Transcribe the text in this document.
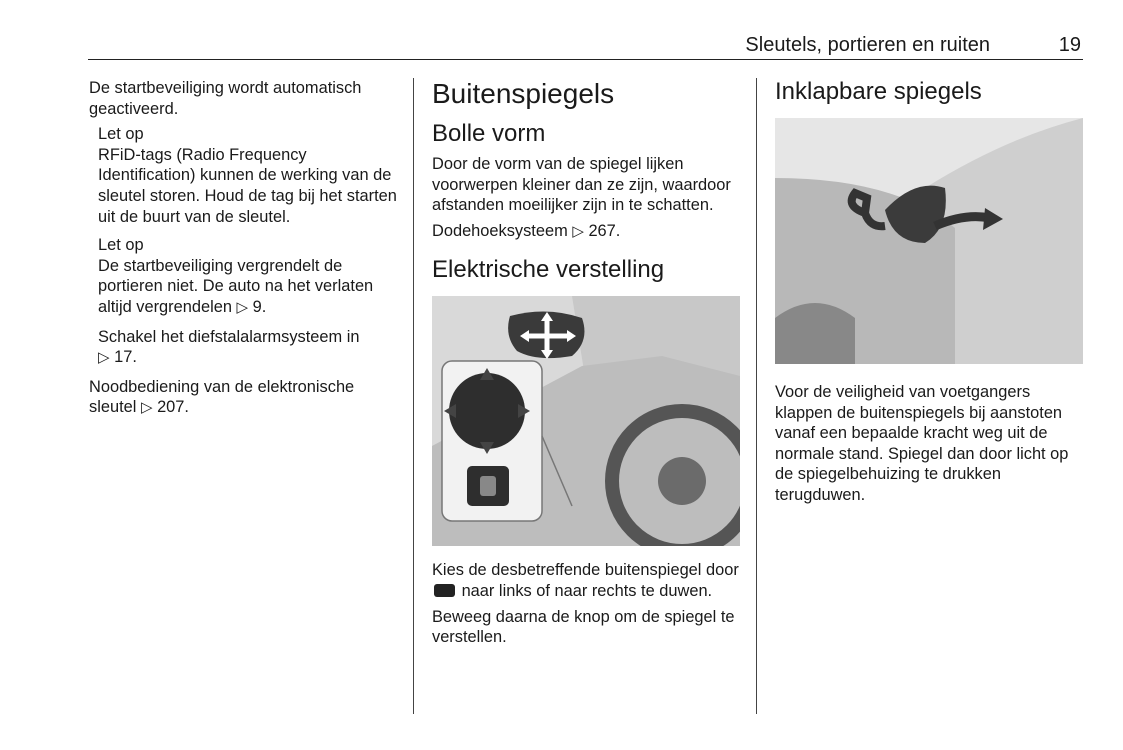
Sleutels, portieren en ruiten	19

De startbeveiliging wordt automatisch geactiveerd.

Let op

RFiD-tags (Radio Frequency Identification) kunnen de werking van de sleutel storen. Houd de tag bij het starten uit de buurt van de sleutel.

Let op

De startbeveiliging vergrendelt de portieren niet. De auto na het verlaten altijd vergrendelen ▷ 9.

Schakel het diefstalalarmsysteem in
▷ 17.

Noodbediening van de elektronische sleutel ▷ 207.

Buitenspiegels
Bolle vorm

Door de vorm van de spiegel lijken voorwerpen kleiner dan ze zijn, waardoor afstanden moeilijker zijn in te schatten.

Dodehoeksysteem ▷ 267.

Elektrische verstelling

Kies de desbetreffende buitenspiegel door  naar links of naar rechts te duwen.

Beweeg daarna de knop om de spiegel te verstellen.

Inklapbare spiegels

Voor de veiligheid van voetgangers klappen de buitenspiegels bij aanstoten vanaf een bepaalde kracht weg uit de normale stand. Spiegel dan door licht op de spiegelbehuizing te drukken terugduwen.
